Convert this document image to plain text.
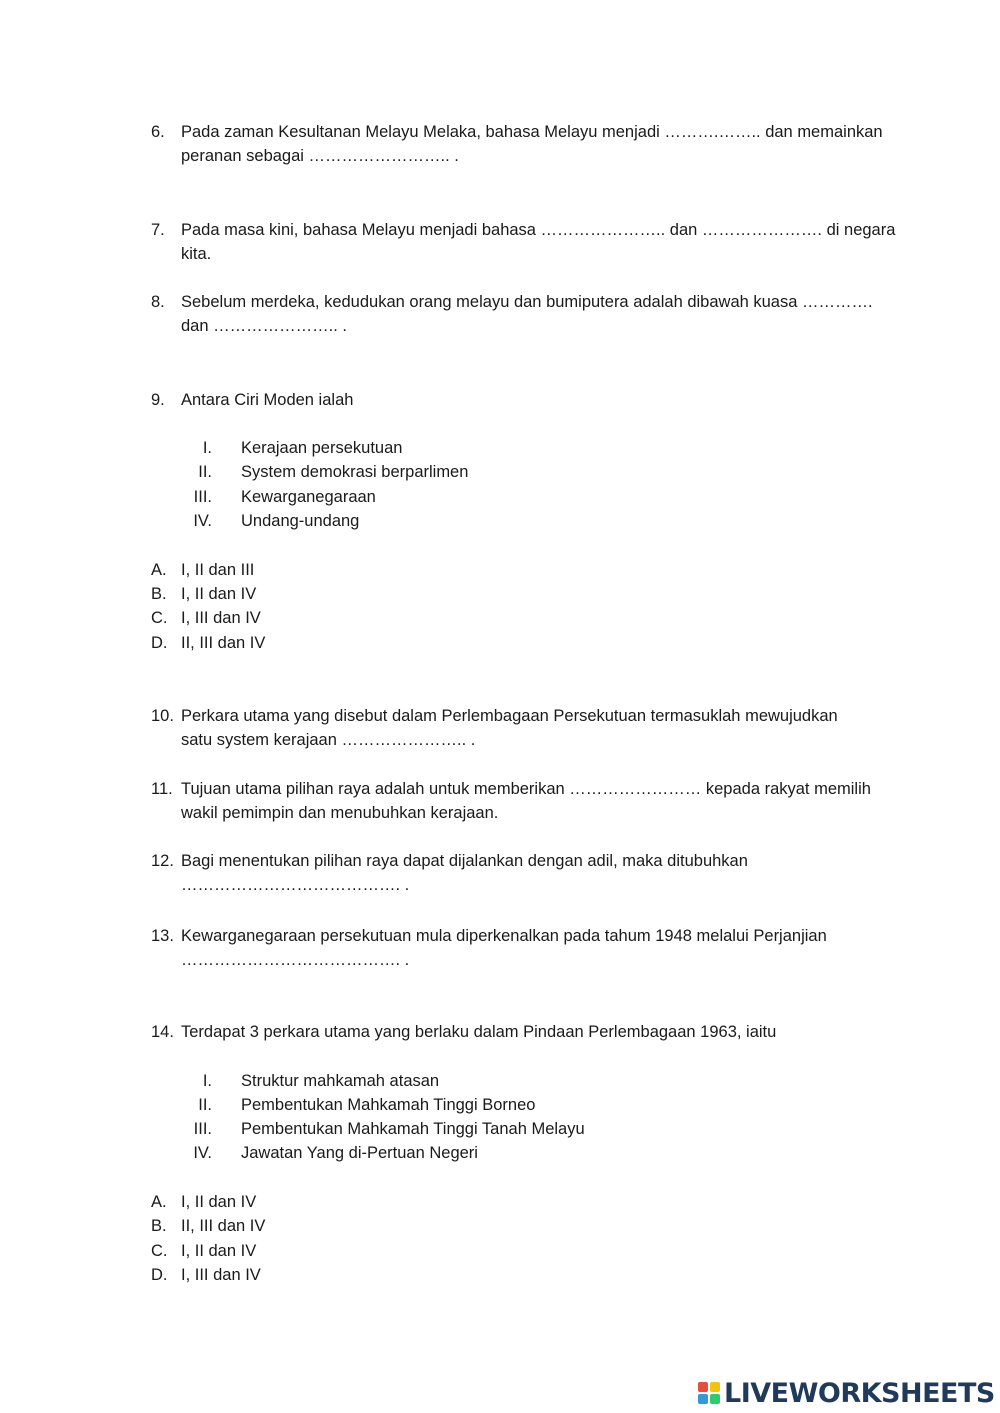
6. Pada zaman Kesultanan Melayu Melaka, bahasa Melayu menjadi ……….…….. dan memainkan
peranan sebagai …………………….. .
7. Pada masa kini, bahasa Melayu menjadi bahasa ………………….. dan …………………. di negara
kita.
8. Sebelum merdeka, kedudukan orang melayu dan bumiputera adalah dibawah kuasa ………….
dan ………………….. .
9. Antara Ciri Moden ialah
I. Kerajaan persekutuan
II. System demokrasi berparlimen
III. Kewarganegaraan
IV. Undang-undang
A. I, II dan III
B. I, II dan IV
C. I, III dan IV
D. II, III dan IV
10. Perkara utama yang disebut dalam Perlembagaan Persekutuan termasuklah mewujudkan
satu system kerajaan ………………….. .
11. Tujuan utama pilihan raya adalah untuk memberikan …………………… kepada rakyat memilih
wakil pemimpin dan menubuhkan kerajaan.
12. Bagi menentukan pilihan raya dapat dijalankan dengan adil, maka ditubuhkan
…………………………………. .
13. Kewarganegaraan persekutuan mula diperkenalkan pada tahum 1948 melalui Perjanjian
…………………………………. .
14. Terdapat 3 perkara utama yang berlaku dalam Pindaan Perlembagaan 1963, iaitu
I. Struktur mahkamah atasan
II. Pembentukan Mahkamah Tinggi Borneo
III. Pembentukan Mahkamah Tinggi Tanah Melayu
IV. Jawatan Yang di-Pertuan Negeri
A. I, II dan IV
B. II, III dan IV
C. I, II dan IV
D. I, III dan IV
LIVEWORKSHEETS
